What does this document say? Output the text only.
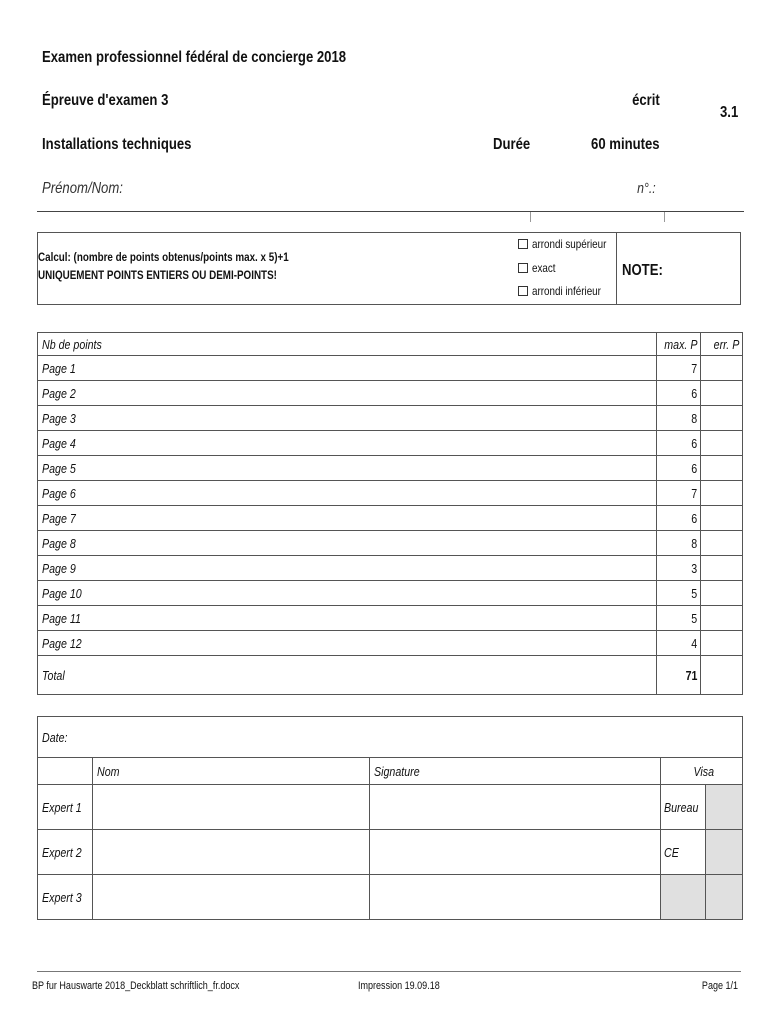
Examen professionnel fédéral de concierge 2018
Épreuve d'examen 3	écrit
3.1
Installations techniques	Durée	60 minutes
Prénom/Nom:	n°.:
Calcul: (nombre de points obtenus/points max. x 5)+1
UNIQUEMENT POINTS ENTIERS OU DEMI-POINTS!
arrondi supérieur
exact
arrondi inférieur
NOTE:
Nb de points	max. P	err. P
Page 1	7	
Page 2	6	
Page 3	8	
Page 4	6	
Page 5	6	
Page 6	7	
Page 7	6	
Page 8	8	
Page 9	3	
Page 10	5	
Page 11	5	
Page 12	4	
Total	71	
Date:				
	Nom	Signature	Visa	
Expert 1			Bureau	
Expert 2			CE	
Expert 3				
BP fur Hauswarte 2018_Deckblatt schriftlich_fr.docx	Impression 19.09.18	Page 1/1
